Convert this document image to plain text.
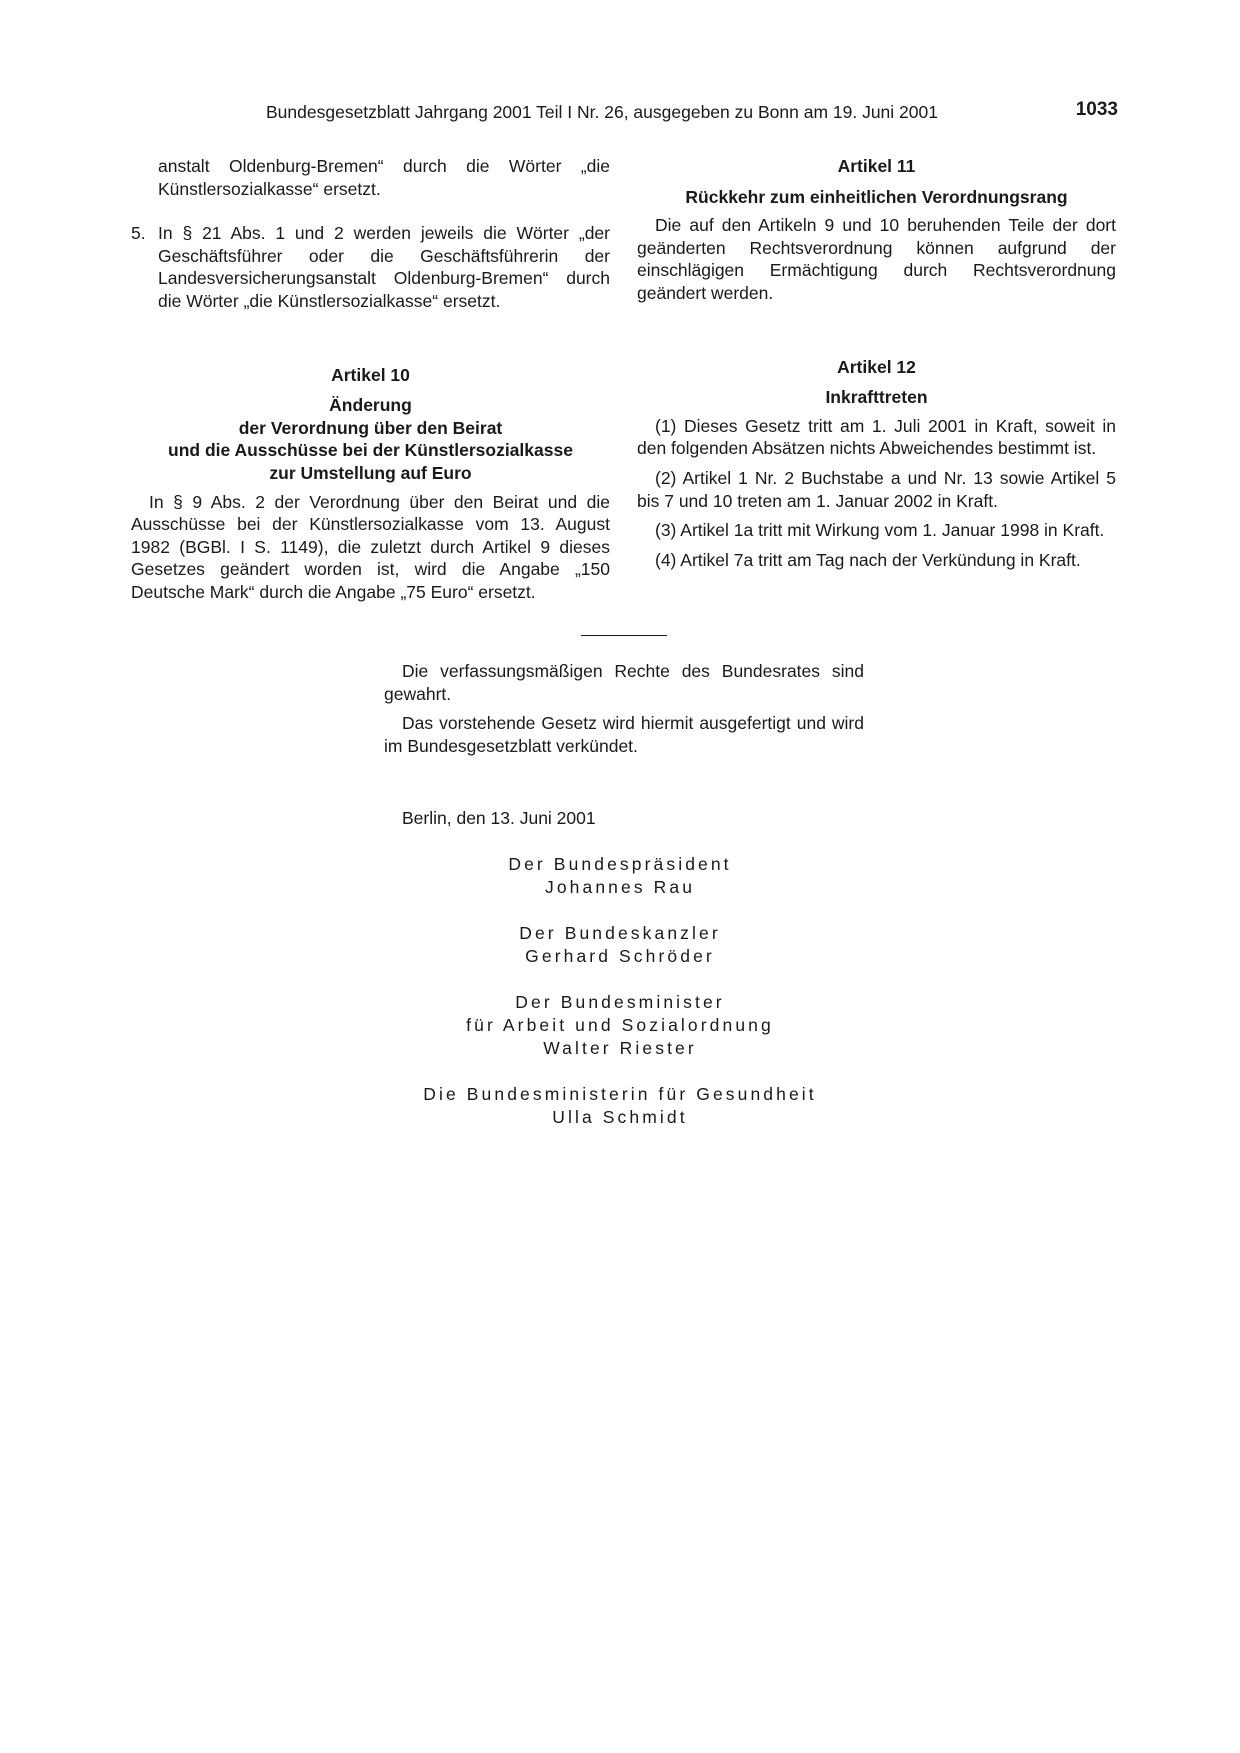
Bundesgesetzblatt Jahrgang 2001 Teil I Nr. 26, ausgegeben zu Bonn am 19. Juni 2001	1033

anstalt Oldenburg-Bremen“ durch die Wörter „die Künstlersozialkasse“ ersetzt.

5. In § 21 Abs. 1 und 2 werden jeweils die Wörter „der Geschäftsführer oder die Geschäftsführerin der Landesversicherungsanstalt Oldenburg-Bremen“ durch die Wörter „die Künstlersozialkasse“ ersetzt.

Artikel 10

Änderung

der Verordnung über den Beirat

und die Ausschüsse bei der Künstlersozialkasse

zur Umstellung auf Euro

In § 9 Abs. 2 der Verordnung über den Beirat und die Ausschüsse bei der Künstlersozialkasse vom 13. August 1982 (BGBl. I S. 1149), die zuletzt durch Artikel 9 dieses Gesetzes geändert worden ist, wird die Angabe „150 Deutsche Mark“ durch die Angabe „75 Euro“ ersetzt.

Artikel 11

Rückkehr zum einheitlichen Verordnungsrang

Die auf den Artikeln 9 und 10 beruhenden Teile der dort geänderten Rechtsverordnung können aufgrund der einschlägigen Ermächtigung durch Rechtsverordnung geändert werden.

Artikel 12

Inkrafttreten

(1) Dieses Gesetz tritt am 1. Juli 2001 in Kraft, soweit in den folgenden Absätzen nichts Abweichendes bestimmt ist.

(2) Artikel 1 Nr. 2 Buchstabe a und Nr. 13 sowie Artikel 5 bis 7 und 10 treten am 1. Januar 2002 in Kraft.

(3) Artikel 1a tritt mit Wirkung vom 1. Januar 1998 in Kraft.

(4) Artikel 7a tritt am Tag nach der Verkündung in Kraft.

Die verfassungsmäßigen Rechte des Bundesrates sind gewahrt.

Das vorstehende Gesetz wird hiermit ausgefertigt und wird im Bundesgesetzblatt verkündet.

Berlin, den 13. Juni 2001

Der Bundespräsident
Johannes Rau
Der Bundeskanzler
Gerhard Schröder
Der Bundesminister
für Arbeit und Sozialordnung
Walter Riester
Die Bundesministerin für Gesundheit
Ulla Schmidt
